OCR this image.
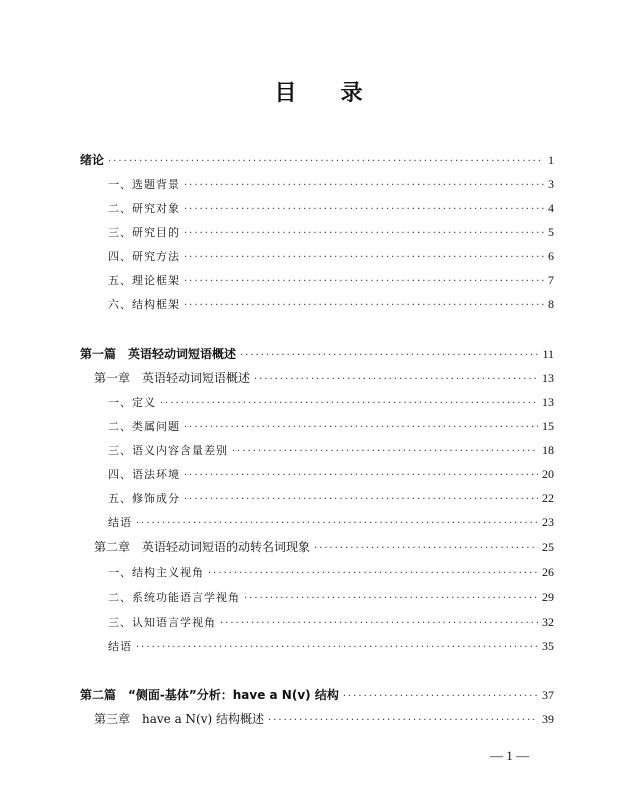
目录
绪论 ·····	1
一、选题背景 ·····	3
二、研究对象 ·····	4
三、研究目的 ·····	5
四、研究方法 ·····	6
五、理论框架 ·····	7
六、结构框架 ·····	8
第一篇　英语轻动词短语概述 ·····	11
第一章　英语轻动词短语概述 ·····	13
一、定义 ·····	13
二、类属问题 ·····	15
三、语义内容含量差别 ·····	18
四、语法环境 ·····	20
五、修饰成分 ·····	22
结语 ·····	23
第二章　英语轻动词短语的动转名词现象 ·····	25
一、结构主义视角 ·····	26
二、系统功能语言学视角 ·····	29
三、认知语言学视角 ·····	32
结语 ·····	35
第二篇　“侧面-基体”分析：have a N(v) 结构 ·····	37
第三章　have a N(v) 结构概述 ·····	39
— 1 —
